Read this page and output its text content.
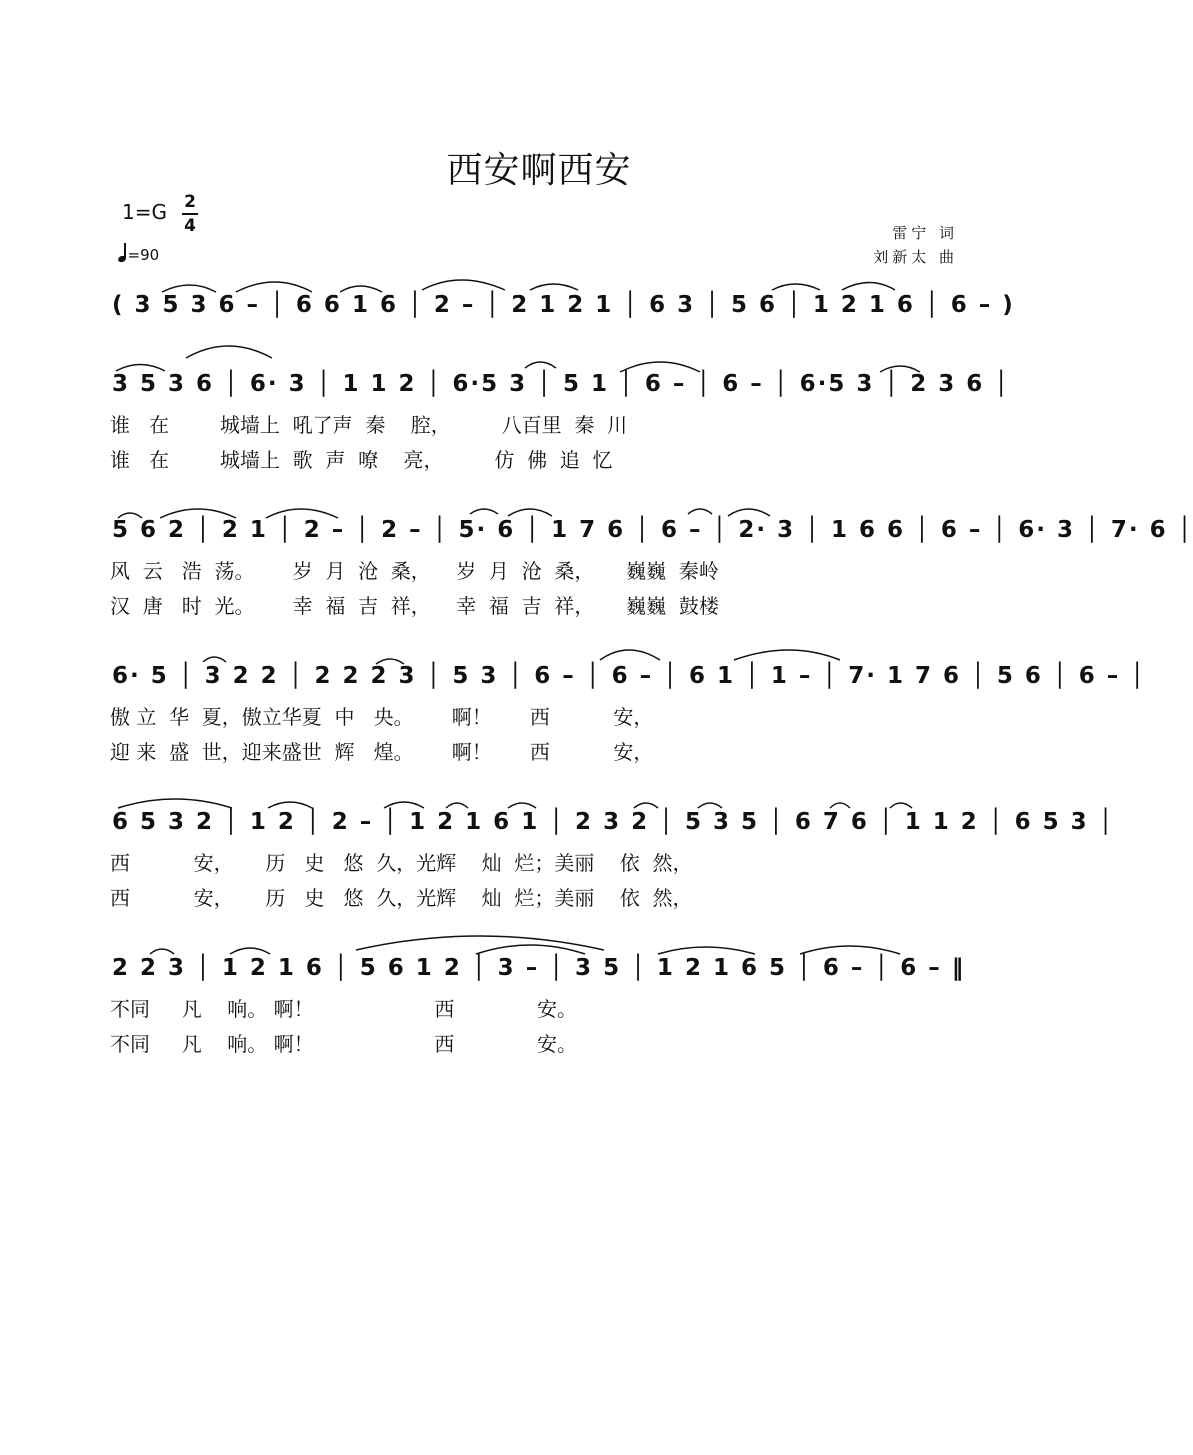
西安啊西安
1=G 2
4
=90
雷宁 词
刘新太 曲
( 3 5 3 6 – │ 6 6 1 6 │ 2 – │ 2 1 2 1 │ 6 3 │ 5 6 │ 1 2 1 6 │ 6 – )
3 5 3 6 │ 6· 3 │ 1 1 2 │ 6·5 3 │ 5 1 │ 6 – │ 6 – │ 6·5 3 │ 2 3 6 │
谁   在        城墙上  吼了声  秦    腔，        八百里  秦  川
谁   在        城墙上  歌  声  嘹    亮，        仿  佛  追  忆
5 6 2 │ 2 1 │ 2 – │ 2 – │ 5· 6 │ 1 7 6 │ 6 – │ 2· 3 │ 1 6 6 │ 6 – │ 6· 3 │ 7· 6 │
风  云   浩  荡。      岁  月  沧  桑，    岁  月  沧  桑，     巍巍  秦岭
汉  唐   时  光。      幸  福  吉  祥，    幸  福  吉  祥，     巍巍  鼓楼
6· 5 │ 3 2 2 │ 2 2 2 3 │ 5 3 │ 6 – │ 6 – │ 6 1 │ 1 – │ 7· 1 7 6 │ 5 6 │ 6 – │
傲 立  华  夏，傲立华夏  中   央。      啊！      西          安，
迎 来  盛  世，迎来盛世  辉   煌。      啊！      西          安，
6 5 3 2 │ 1 2 │ 2 – │ 1 2 1 6 1 │ 2 3 2 │ 5 3 5 │ 6 7 6 │ 1 1 2 │ 6 5 3 │
西          安，     历   史   悠  久，光辉    灿  烂；美丽    依  然，
西          安，     历   史   悠  久，光辉    灿  烂；美丽    依  然，
2 2 3 │ 1 2 1 6 │ 5 6 1 2 │ 3 – │ 3 5 │ 1 2 1 6 5 │ 6 – │ 6 – ‖
不同     凡    响。 啊！                   西             安。
不同     凡    响。 啊！                   西             安。
